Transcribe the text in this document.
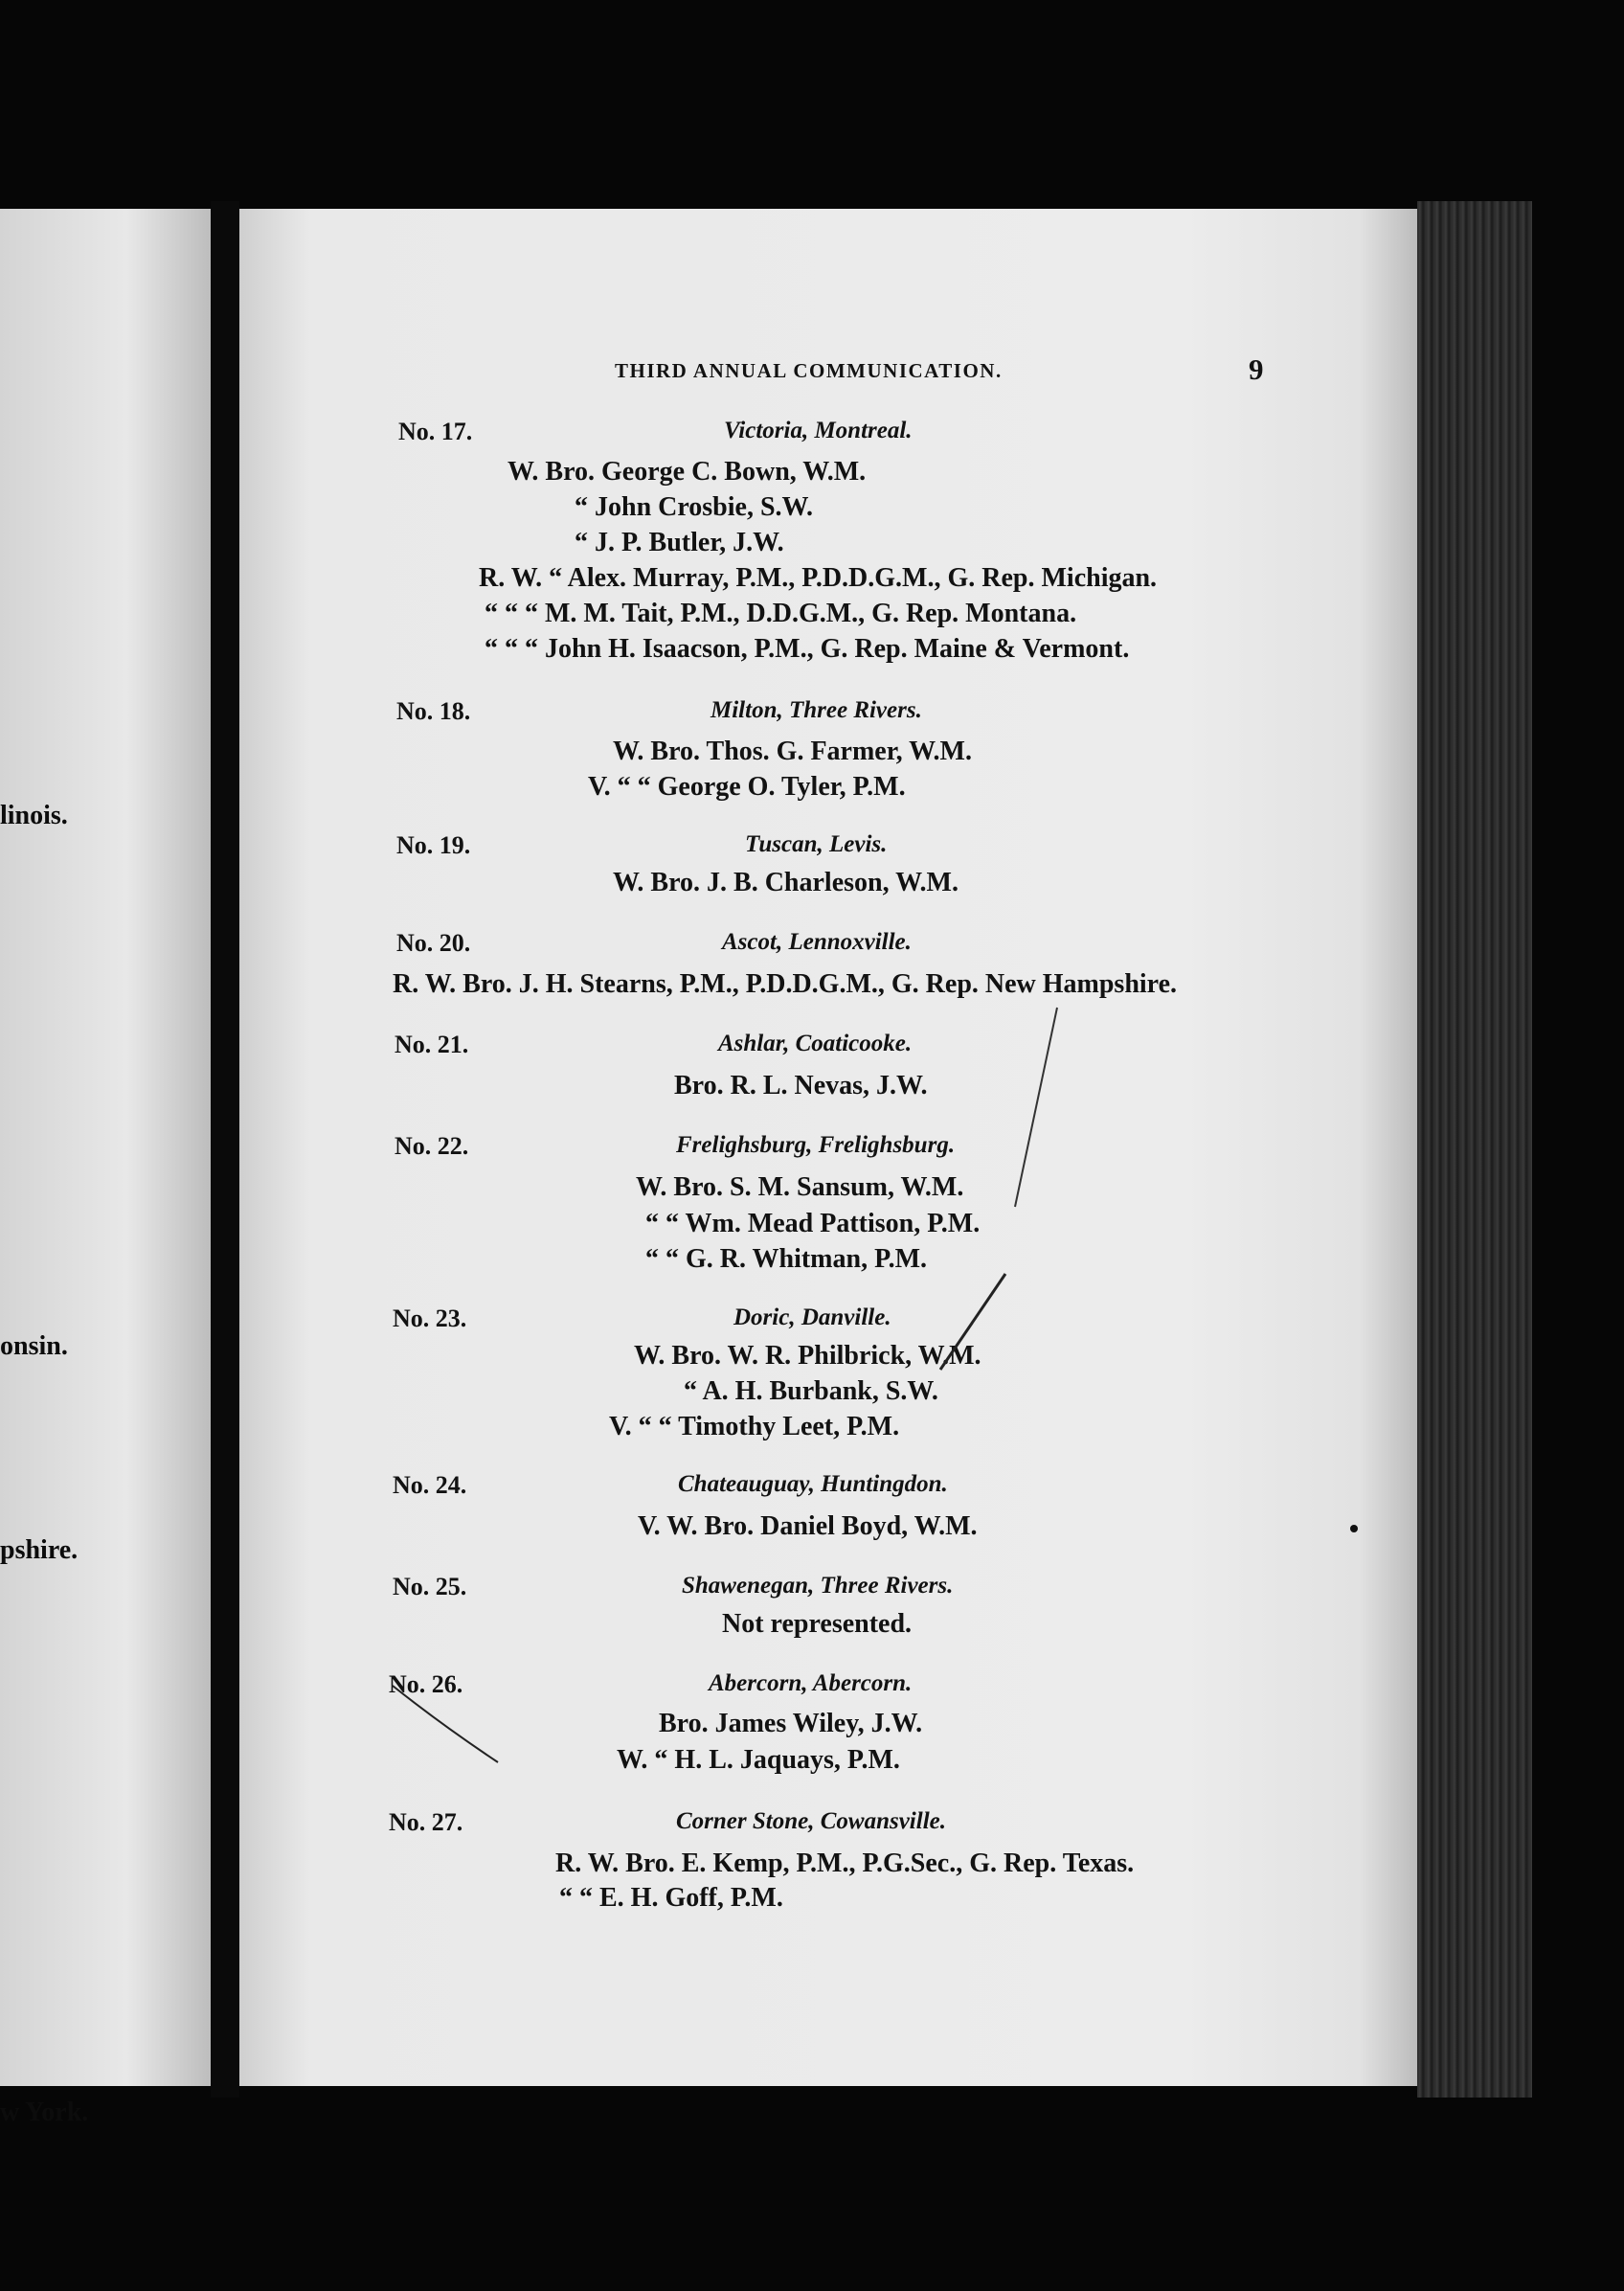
linois.
onsin.
pshire.
w York.
THIRD ANNUAL COMMUNICATION.	9
No. 17.	Victoria, Montreal.
W. Bro. George C. Bown, W.M.
“ John Crosbie, S.W.
“ J. P. Butler, J.W.
R. W. “ Alex. Murray, P.M., P.D.D.G.M., G. Rep. Michigan.
“ “ “ M. M. Tait, P.M., D.D.G.M., G. Rep. Montana.
“ “ “ John H. Isaacson, P.M., G. Rep. Maine & Vermont.
No. 18.	Milton, Three Rivers.
W. Bro. Thos. G. Farmer, W.M.
V. “ “ George O. Tyler, P.M.
No. 19.	Tuscan, Levis.
W. Bro. J. B. Charleson, W.M.
No. 20.	Ascot, Lennoxville.
R. W. Bro. J. H. Stearns, P.M., P.D.D.G.M., G. Rep. New Hampshire.
No. 21.	Ashlar, Coaticooke.
Bro. R. L. Nevas, J.W.
No. 22.	Frelighsburg, Frelighsburg.
W. Bro. S. M. Sansum, W.M.
“ “ Wm. Mead Pattison, P.M.
“ “ G. R. Whitman, P.M.
No. 23.	Doric, Danville.
W. Bro. W. R. Philbrick, W.M.
“ A. H. Burbank, S.W.
V. “ “ Timothy Leet, P.M.
No. 24.	Chateauguay, Huntingdon.
V. W. Bro. Daniel Boyd, W.M.
No. 25.	Shawenegan, Three Rivers.
Not represented.
No. 26.	Abercorn, Abercorn.
Bro. James Wiley, J.W.
W. “ H. L. Jaquays, P.M.
No. 27.	Corner Stone, Cowansville.
R. W. Bro. E. Kemp, P.M., P.G.Sec., G. Rep. Texas.
“ “ E. H. Goff, P.M.
